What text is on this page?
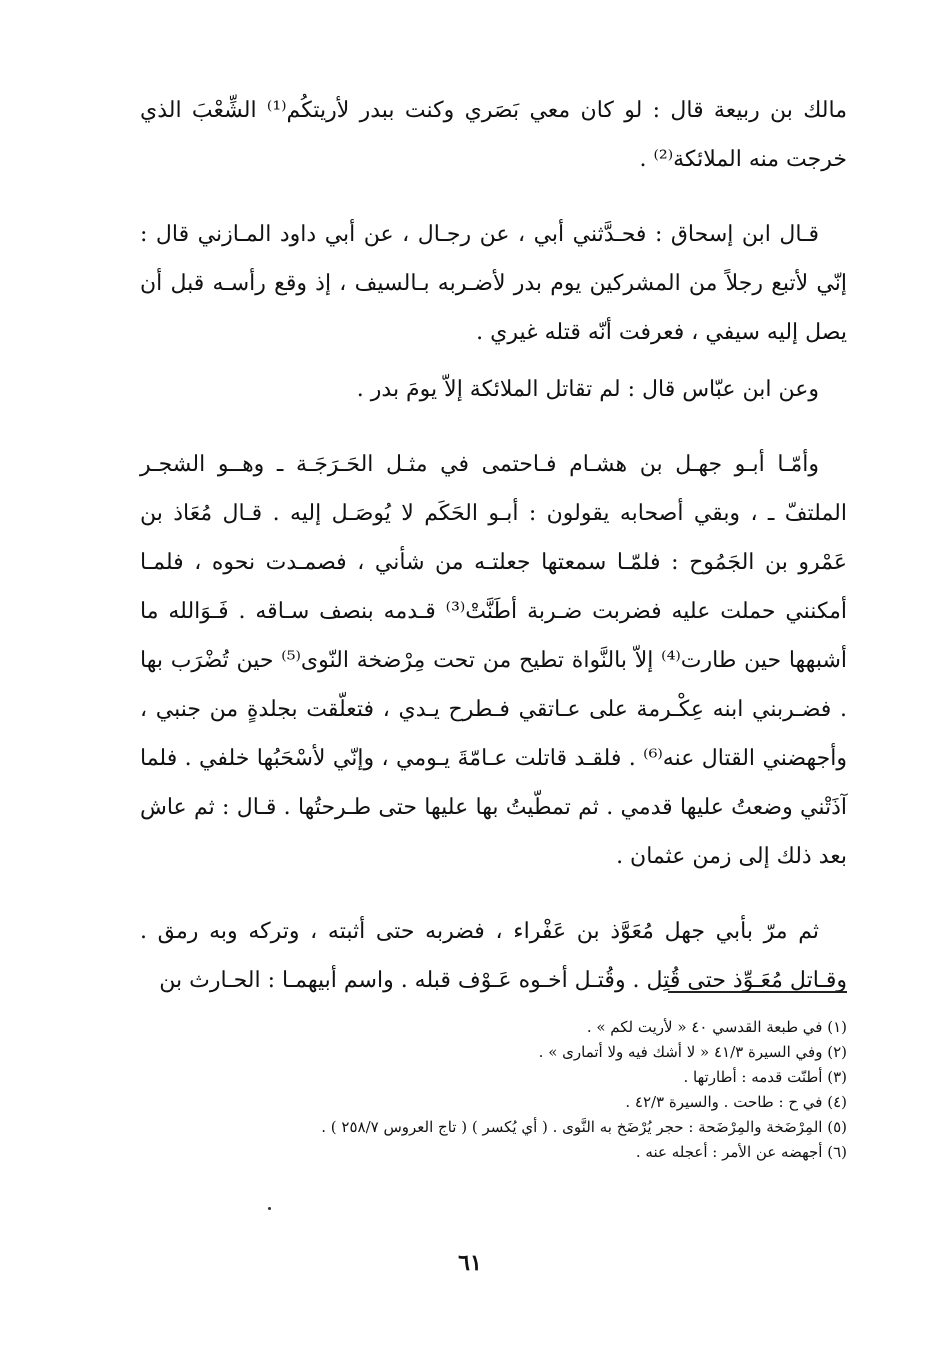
مالك بن ربيعة قال : لو كان معي بَصَري وكنت ببدر لأريتكُم⁽¹⁾ الشِّعْبَ الذي خرجت منه الملائكة⁽²⁾ .

قـال ابن إسحاق : فحـدَّثني أبي ، عن رجـال ، عن أبي داود المـازني قال : إنّي لأتبع رجلاً من المشركين يوم بدر لأضـربه بـالسيف ، إذ وقع رأسـه قبل أن يصل إليه سيفي ، فعرفت أنّه قتله غيري .

وعن ابن عبّاس قال : لم تقاتل الملائكة إلاّ يومَ بدر .

وأمّـا أبـو جهـل بن هشـام فـاحتمى في مثـل الحَـرَجَـة ـ وهــو الشجـر الملتفّ ـ ، وبقي أصحابه يقولون : أبـو الحَكَم لا يُوصَـل إليه . قـال مُعَاذ بن عَمْرو بن الجَمُوح : فلمّـا سمعتها جعلتـه من شأني ، فصمـدت نحوه ، فلمـا أمكنني حملت عليه فضربت ضـربة أطَنَّتْ⁽³⁾ قـدمه بنصف سـاقه . فَـوَالله ما أشبهها حين طارت⁽⁴⁾ إلاّ بالنَّواة تطيح من تحت مِرْضخة النّوى⁽⁵⁾ حين تُضْرَب بها . فضـربني ابنه عِكْـرمة على عـاتقي فـطرح يـدي ، فتعلّقت بجلدةٍ من جنبي ، وأجهضني القتال عنه⁽⁶⁾ . فلقـد قاتلت عـامّةَ يـومي ، وإنّي لأسْحَبُها خلفي . فلما آذَتْني وضعتُ عليها قدمي . ثم تمطّيتُ بها عليها حتى طـرحتُها . قـال : ثم عاش بعد ذلك إلى زمن عثمان .

ثم مرّ بأبي جهل مُعَوَّذ بن عَفْراء ، فضربه حتى أثبته ، وتركه وبه رمق . وقـاتل مُعَـوِّذ حتى قُتِل . وقُتـل أخـوه عَـوْف قبله . واسم أبيهمـا : الحـارث بن

(١) في طبعة القدسي ٤٠ « لأريت لكم » .
(٢) وفي السيرة ٤١/٣ « لا أشك فيه ولا أتمارى » .
(٣) أطنّت قدمه : أطارتها .
(٤) في ح : طاحت . والسيرة ٤٢/٣ .
(٥) المِرْضَخة والمِرْضَحة : حجر يُرْضَخ به النَّوى . ( أي يُكسر ) ( تاج العروس ٢٥٨/٧ ) .
(٦) أجهضه عن الأمر : أعجله عنه .
٦١
